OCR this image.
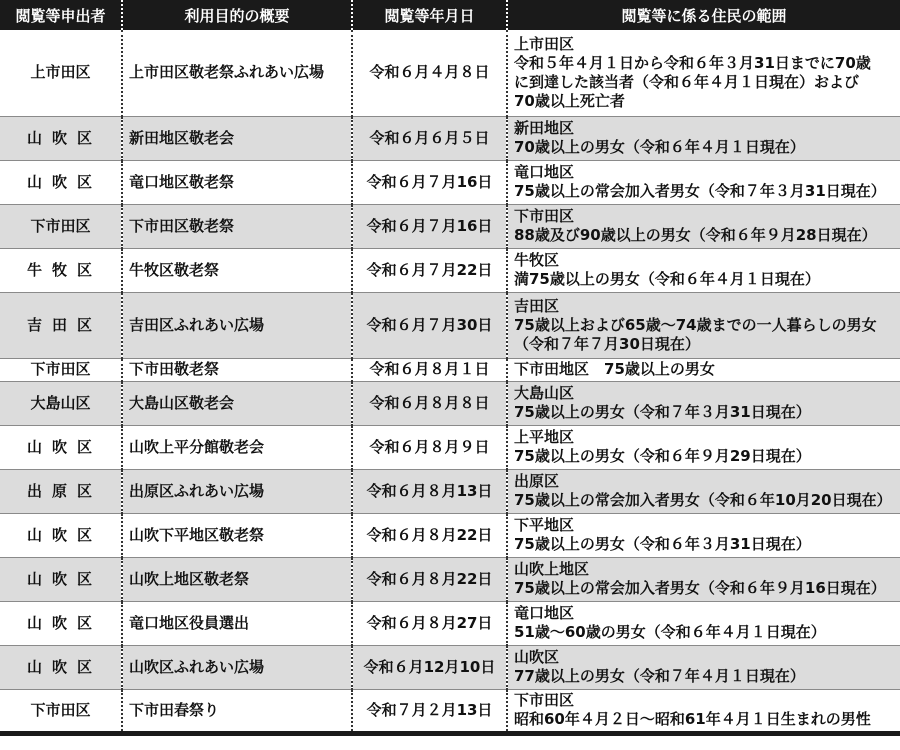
閲覧等申出者	利用目的の概要	閲覧等年月日	閲覧等に係る住民の範囲
上市田区	上市田区敬老祭ふれあい広場	令和６月４月８日	上市田区
令和５年４月１日から令和６年３月31日までに70歳
に到達した該当者（令和６年４月１日現在）および
70歳以上死亡者

山吹区	新田地区敬老会	令和６月６月５日	新田地区
70歳以上の男女（令和６年４月１日現在）

山吹区	竜口地区敬老祭	令和６月７月16日	竜口地区
75歳以上の常会加入者男女（令和７年３月31日現在）

下市田区	下市田区敬老祭	令和６月７月16日	下市田区
88歳及び90歳以上の男女（令和６年９月28日現在）

牛牧区	牛牧区敬老祭	令和６月７月22日	牛牧区
満75歳以上の男女（令和６年４月１日現在）

吉田区	吉田区ふれあい広場	令和６月７月30日	吉田区
75歳以上および65歳～74歳までの一人暮らしの男女
（令和７年７月30日現在）

下市田区	下市田敬老祭	令和６月８月１日	下市田地区　75歳以上の男女

大島山区	大島山区敬老会	令和６月８月８日	大島山区
75歳以上の男女（令和７年３月31日現在）

山吹区	山吹上平分館敬老会	令和６月８月９日	上平地区
75歳以上の男女（令和６年９月29日現在）

出原区	出原区ふれあい広場	令和６月８月13日	出原区
75歳以上の常会加入者男女（令和６年10月20日現在）

山吹区	山吹下平地区敬老祭	令和６月８月22日	下平地区
75歳以上の男女（令和６年３月31日現在）

山吹区	山吹上地区敬老祭	令和６月８月22日	山吹上地区
75歳以上の常会加入者男女（令和６年９月16日現在）

山吹区	竜口地区役員選出	令和６月８月27日	竜口地区
51歳～60歳の男女（令和６年４月１日現在）

山吹区	山吹区ふれあい広場	令和６月12月10日	山吹区
77歳以上の男女（令和７年４月１日現在）

下市田区	下市田春祭り	令和７月２月13日	下市田区
昭和60年４月２日～昭和61年４月１日生まれの男性
